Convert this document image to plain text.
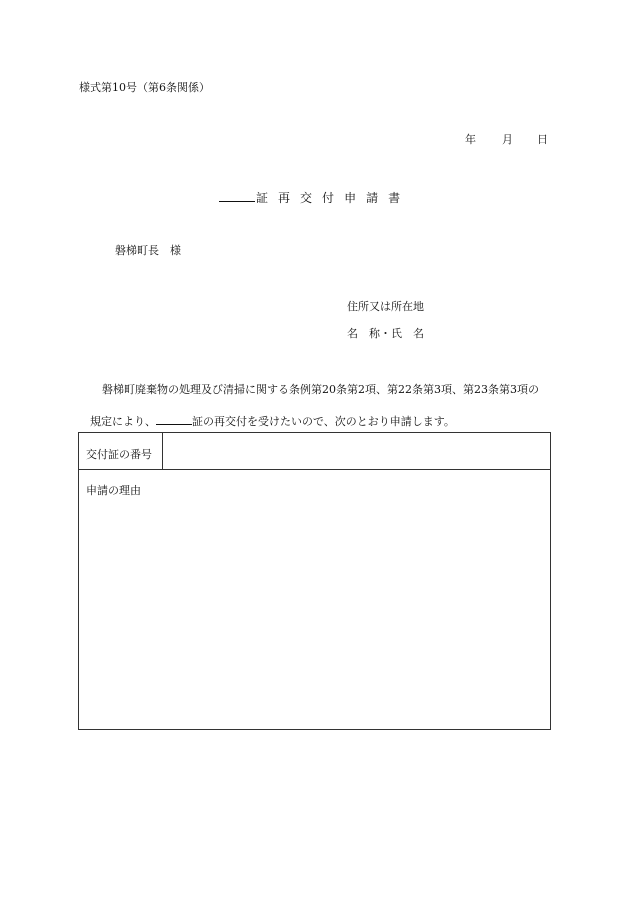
様式第10号（第6条関係）
年 月 日
証 再 交 付 申 請 書
磐梯町長　様
住所又は所在地
名　称・氏　名
磐梯町廃棄物の処理及び清掃に関する条例第20条第2項、第22条第3項、第23条第3項の
規定により、	証の再交付を受けたいので、次のとおり申請します。
交付証の番号
申請の理由
